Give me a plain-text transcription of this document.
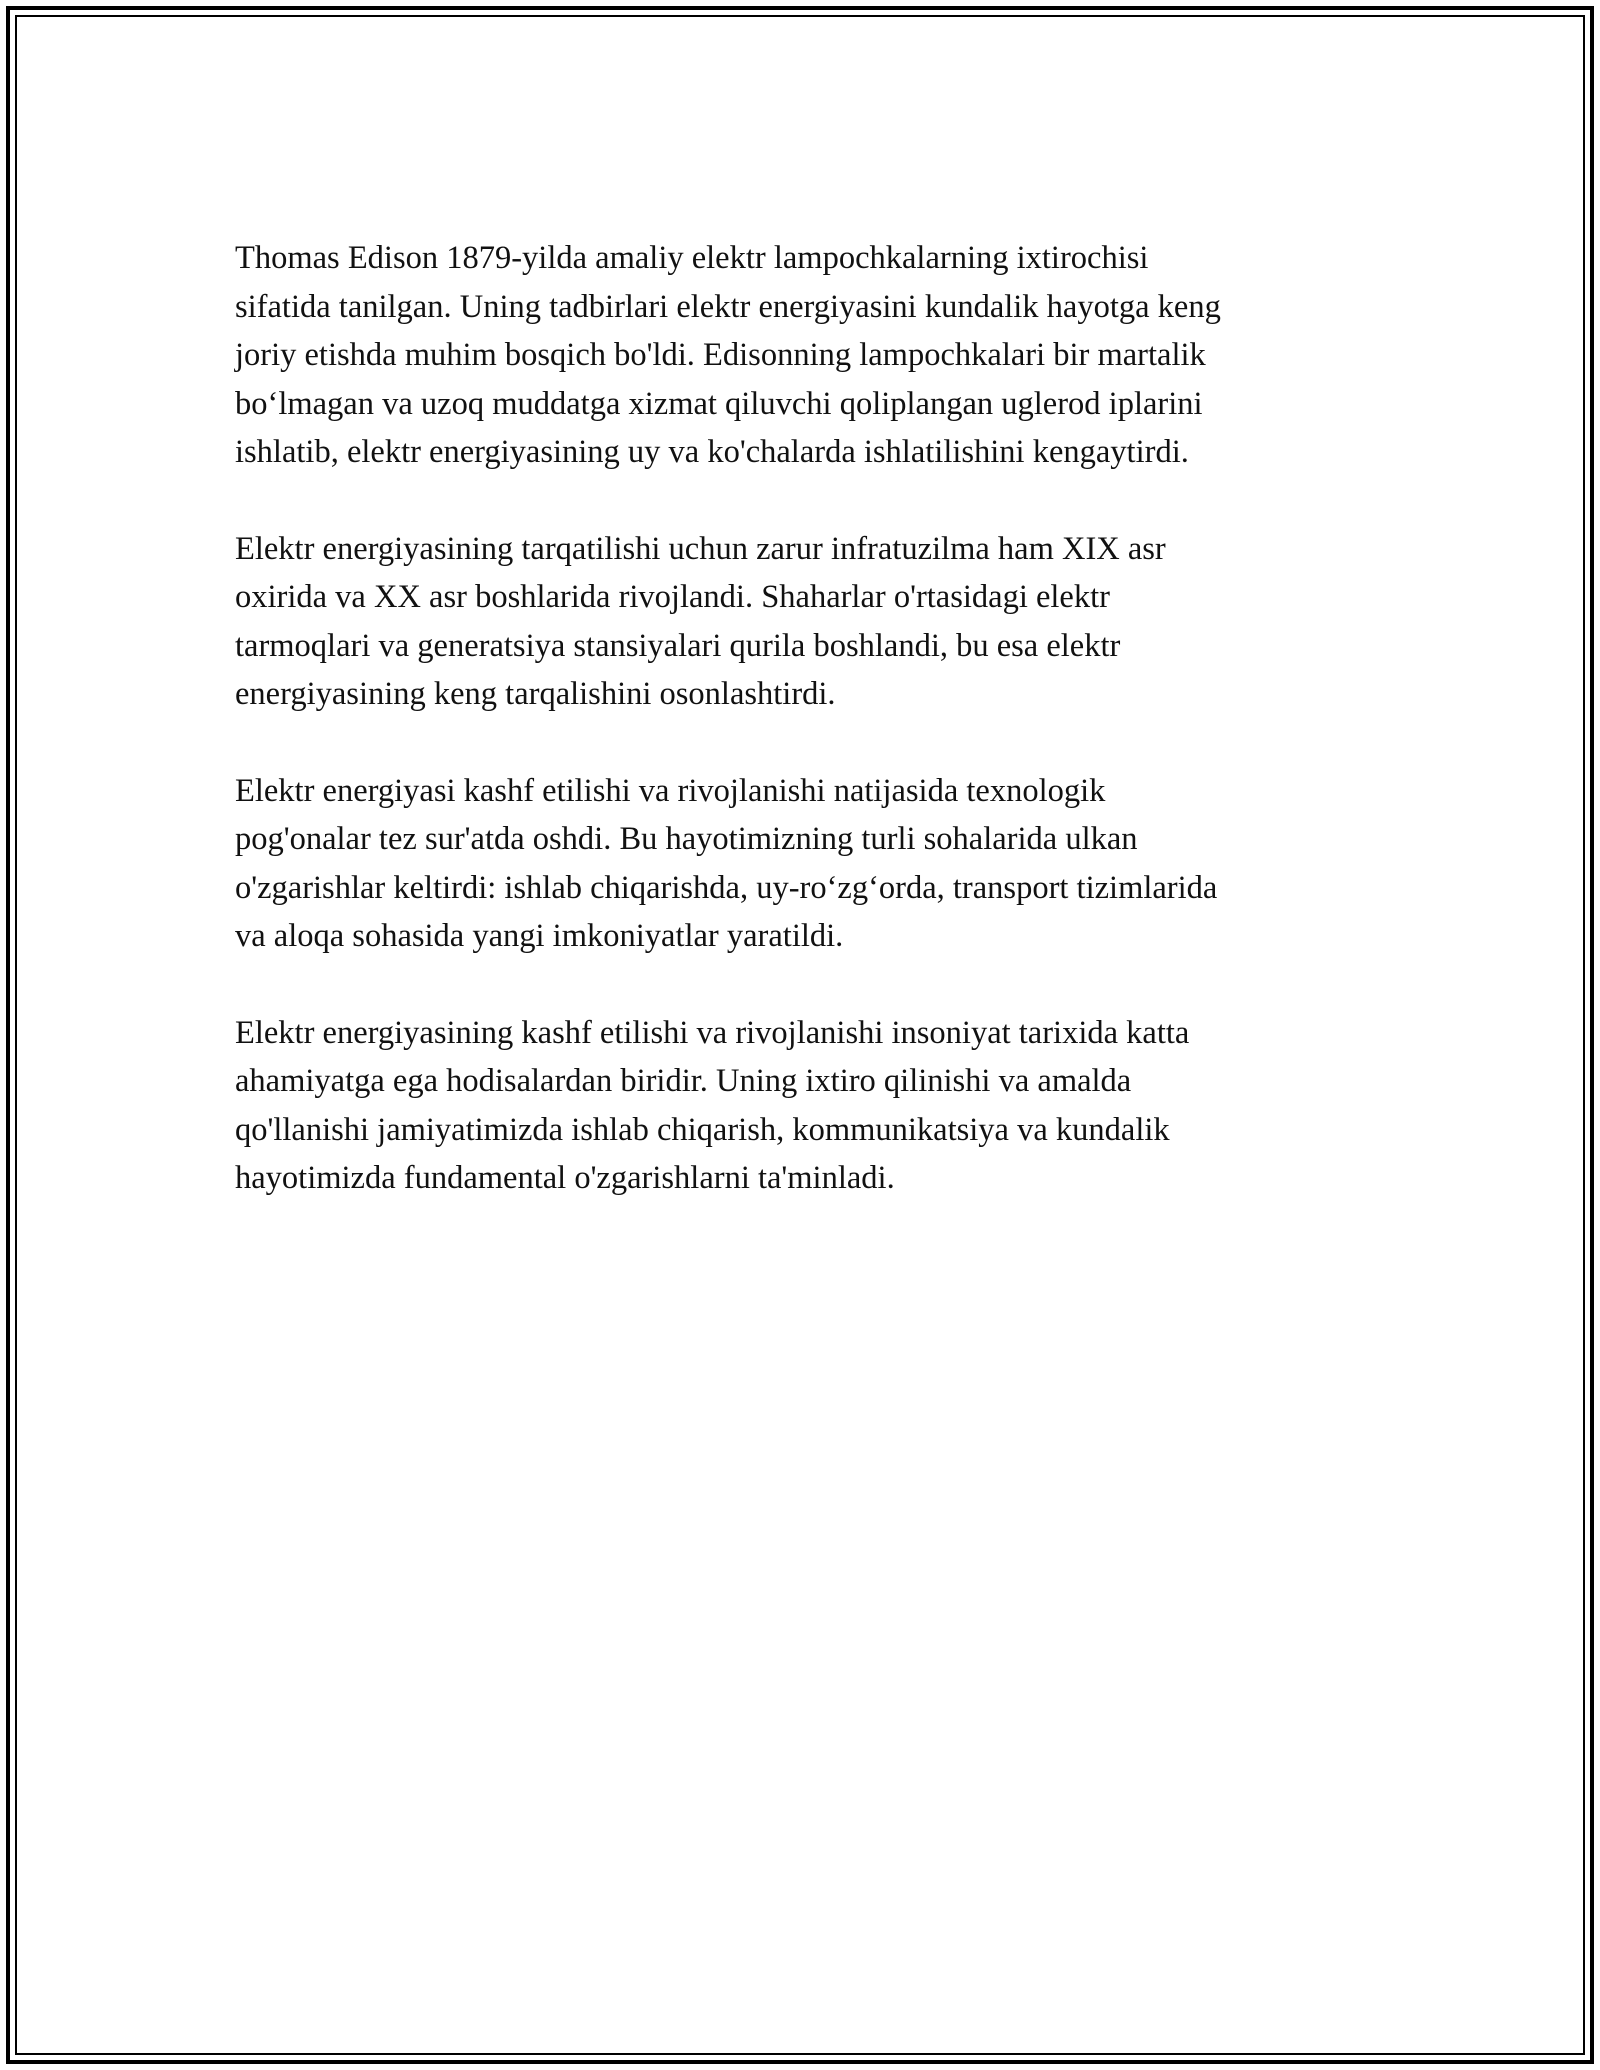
Thomas Edison 1879-yilda amaliy elektr lampochkalarning ixtirochisi
sifatida tanilgan. Uning tadbirlari elektr energiyasini kundalik hayotga keng
joriy etishda muhim bosqich bo'ldi. Edisonning lampochkalari bir martalik
bo‘lmagan va uzoq muddatga xizmat qiluvchi qoliplangan uglerod iplarini
ishlatib, elektr energiyasining uy va ko'chalarda ishlatilishini kengaytirdi.

Elektr energiyasining tarqatilishi uchun zarur infratuzilma ham XIX asr
oxirida va XX asr boshlarida rivojlandi. Shaharlar o'rtasidagi elektr
tarmoqlari va generatsiya stansiyalari qurila boshlandi, bu esa elektr
energiyasining keng tarqalishini osonlashtirdi.

Elektr energiyasi kashf etilishi va rivojlanishi natijasida texnologik
pog'onalar tez sur'atda oshdi. Bu hayotimizning turli sohalarida ulkan
o'zgarishlar keltirdi: ishlab chiqarishda, uy-ro‘zg‘orda, transport tizimlarida
va aloqa sohasida yangi imkoniyatlar yaratildi.

Elektr energiyasining kashf etilishi va rivojlanishi insoniyat tarixida katta
ahamiyatga ega hodisalardan biridir. Uning ixtiro qilinishi va amalda
qo'llanishi jamiyatimizda ishlab chiqarish, kommunikatsiya va kundalik
hayotimizda fundamental o'zgarishlarni ta'minladi.
